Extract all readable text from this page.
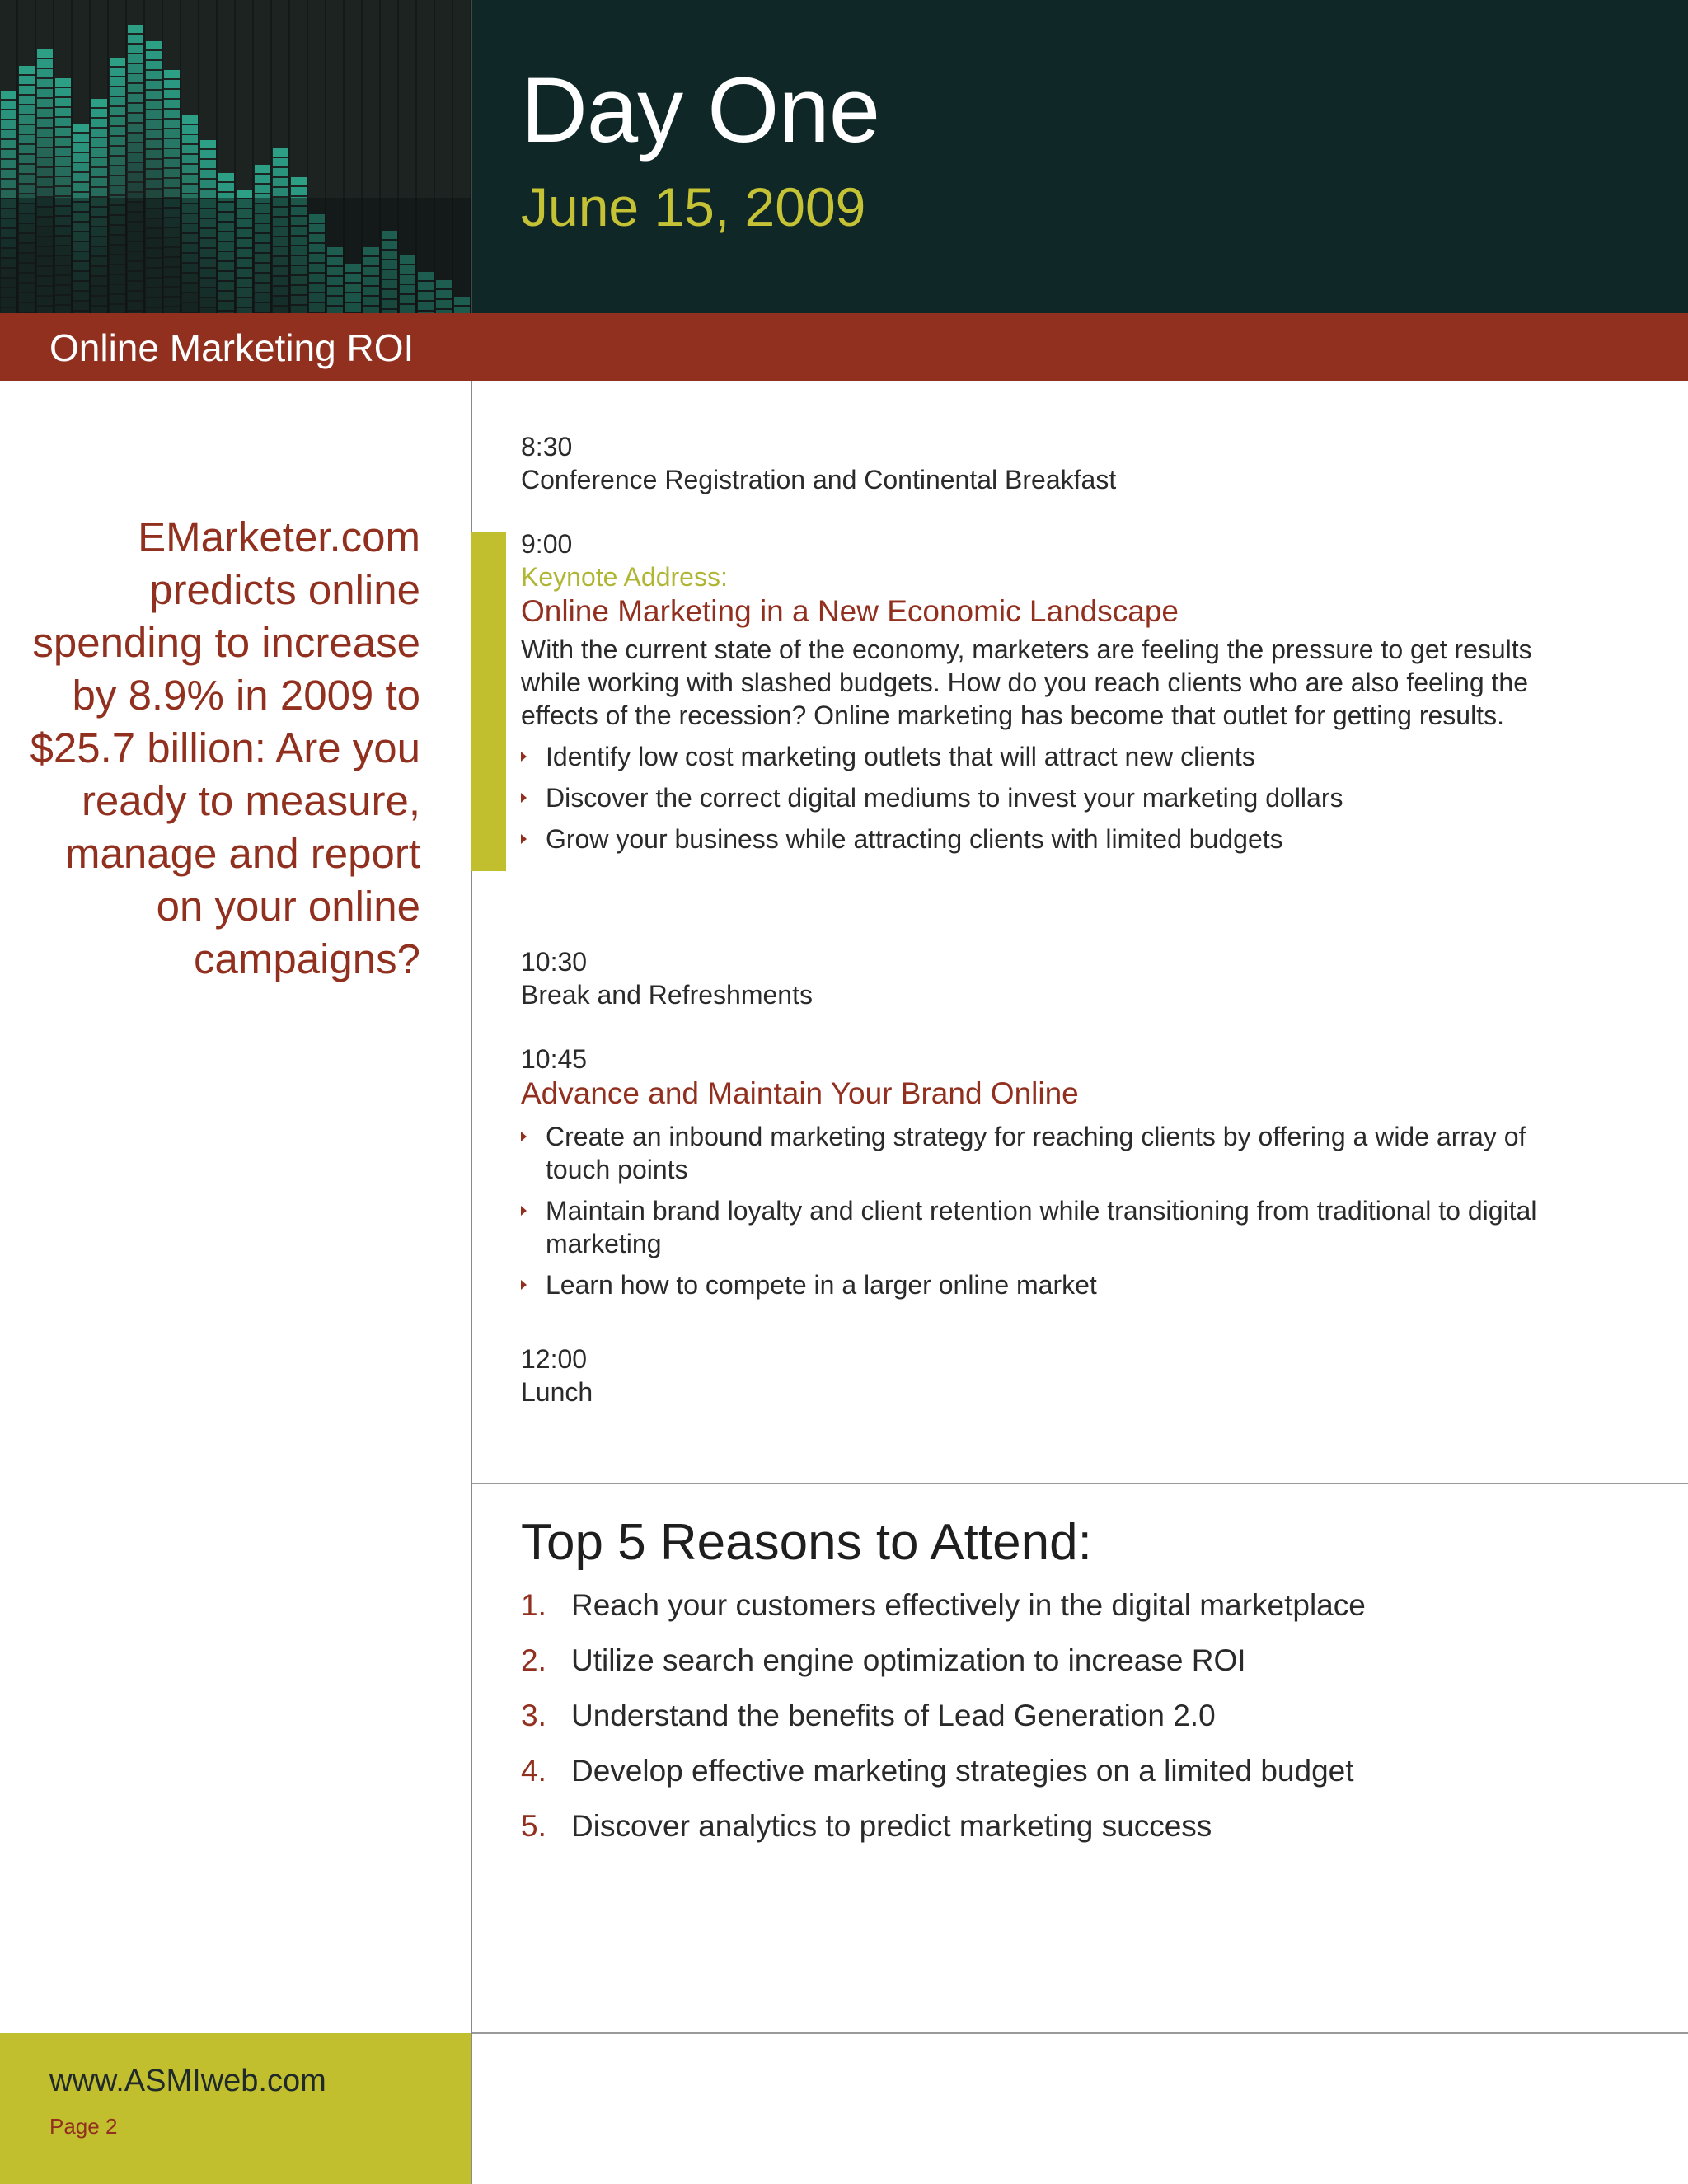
Day One
June 15, 2009
Online Marketing ROI
EMarketer.com predicts online spending to increase by 8.9% in 2009 to $25.7 billion: Are you ready to measure, manage and report on your online campaigns?
8:30
Conference Registration and Continental Breakfast
9:00
Keynote Address:
Online Marketing in a New Economic Landscape
With the current state of the economy, marketers are feeling the pressure to get results while working with slashed budgets. How do you reach clients who are also feeling the effects of the recession? Online marketing has become that outlet for getting results.
Identify low cost marketing outlets that will attract new clients
Discover the correct digital mediums to invest your marketing dollars
Grow your business while attracting clients with limited budgets
10:30
Break and Refreshments
10:45
Advance and Maintain Your Brand Online
Create an inbound marketing strategy for reaching clients by offering a wide array of touch points
Maintain brand loyalty and client retention while transitioning from traditional to digital marketing
Learn how to compete in a larger online market
12:00
Lunch
Top 5 Reasons to Attend:
1. Reach your customers effectively in the digital marketplace
2. Utilize search engine optimization to increase ROI
3. Understand the benefits of Lead Generation 2.0
4. Develop effective marketing strategies on a limited budget
5. Discover analytics to predict marketing success
www.ASMIweb.com
Page 2
